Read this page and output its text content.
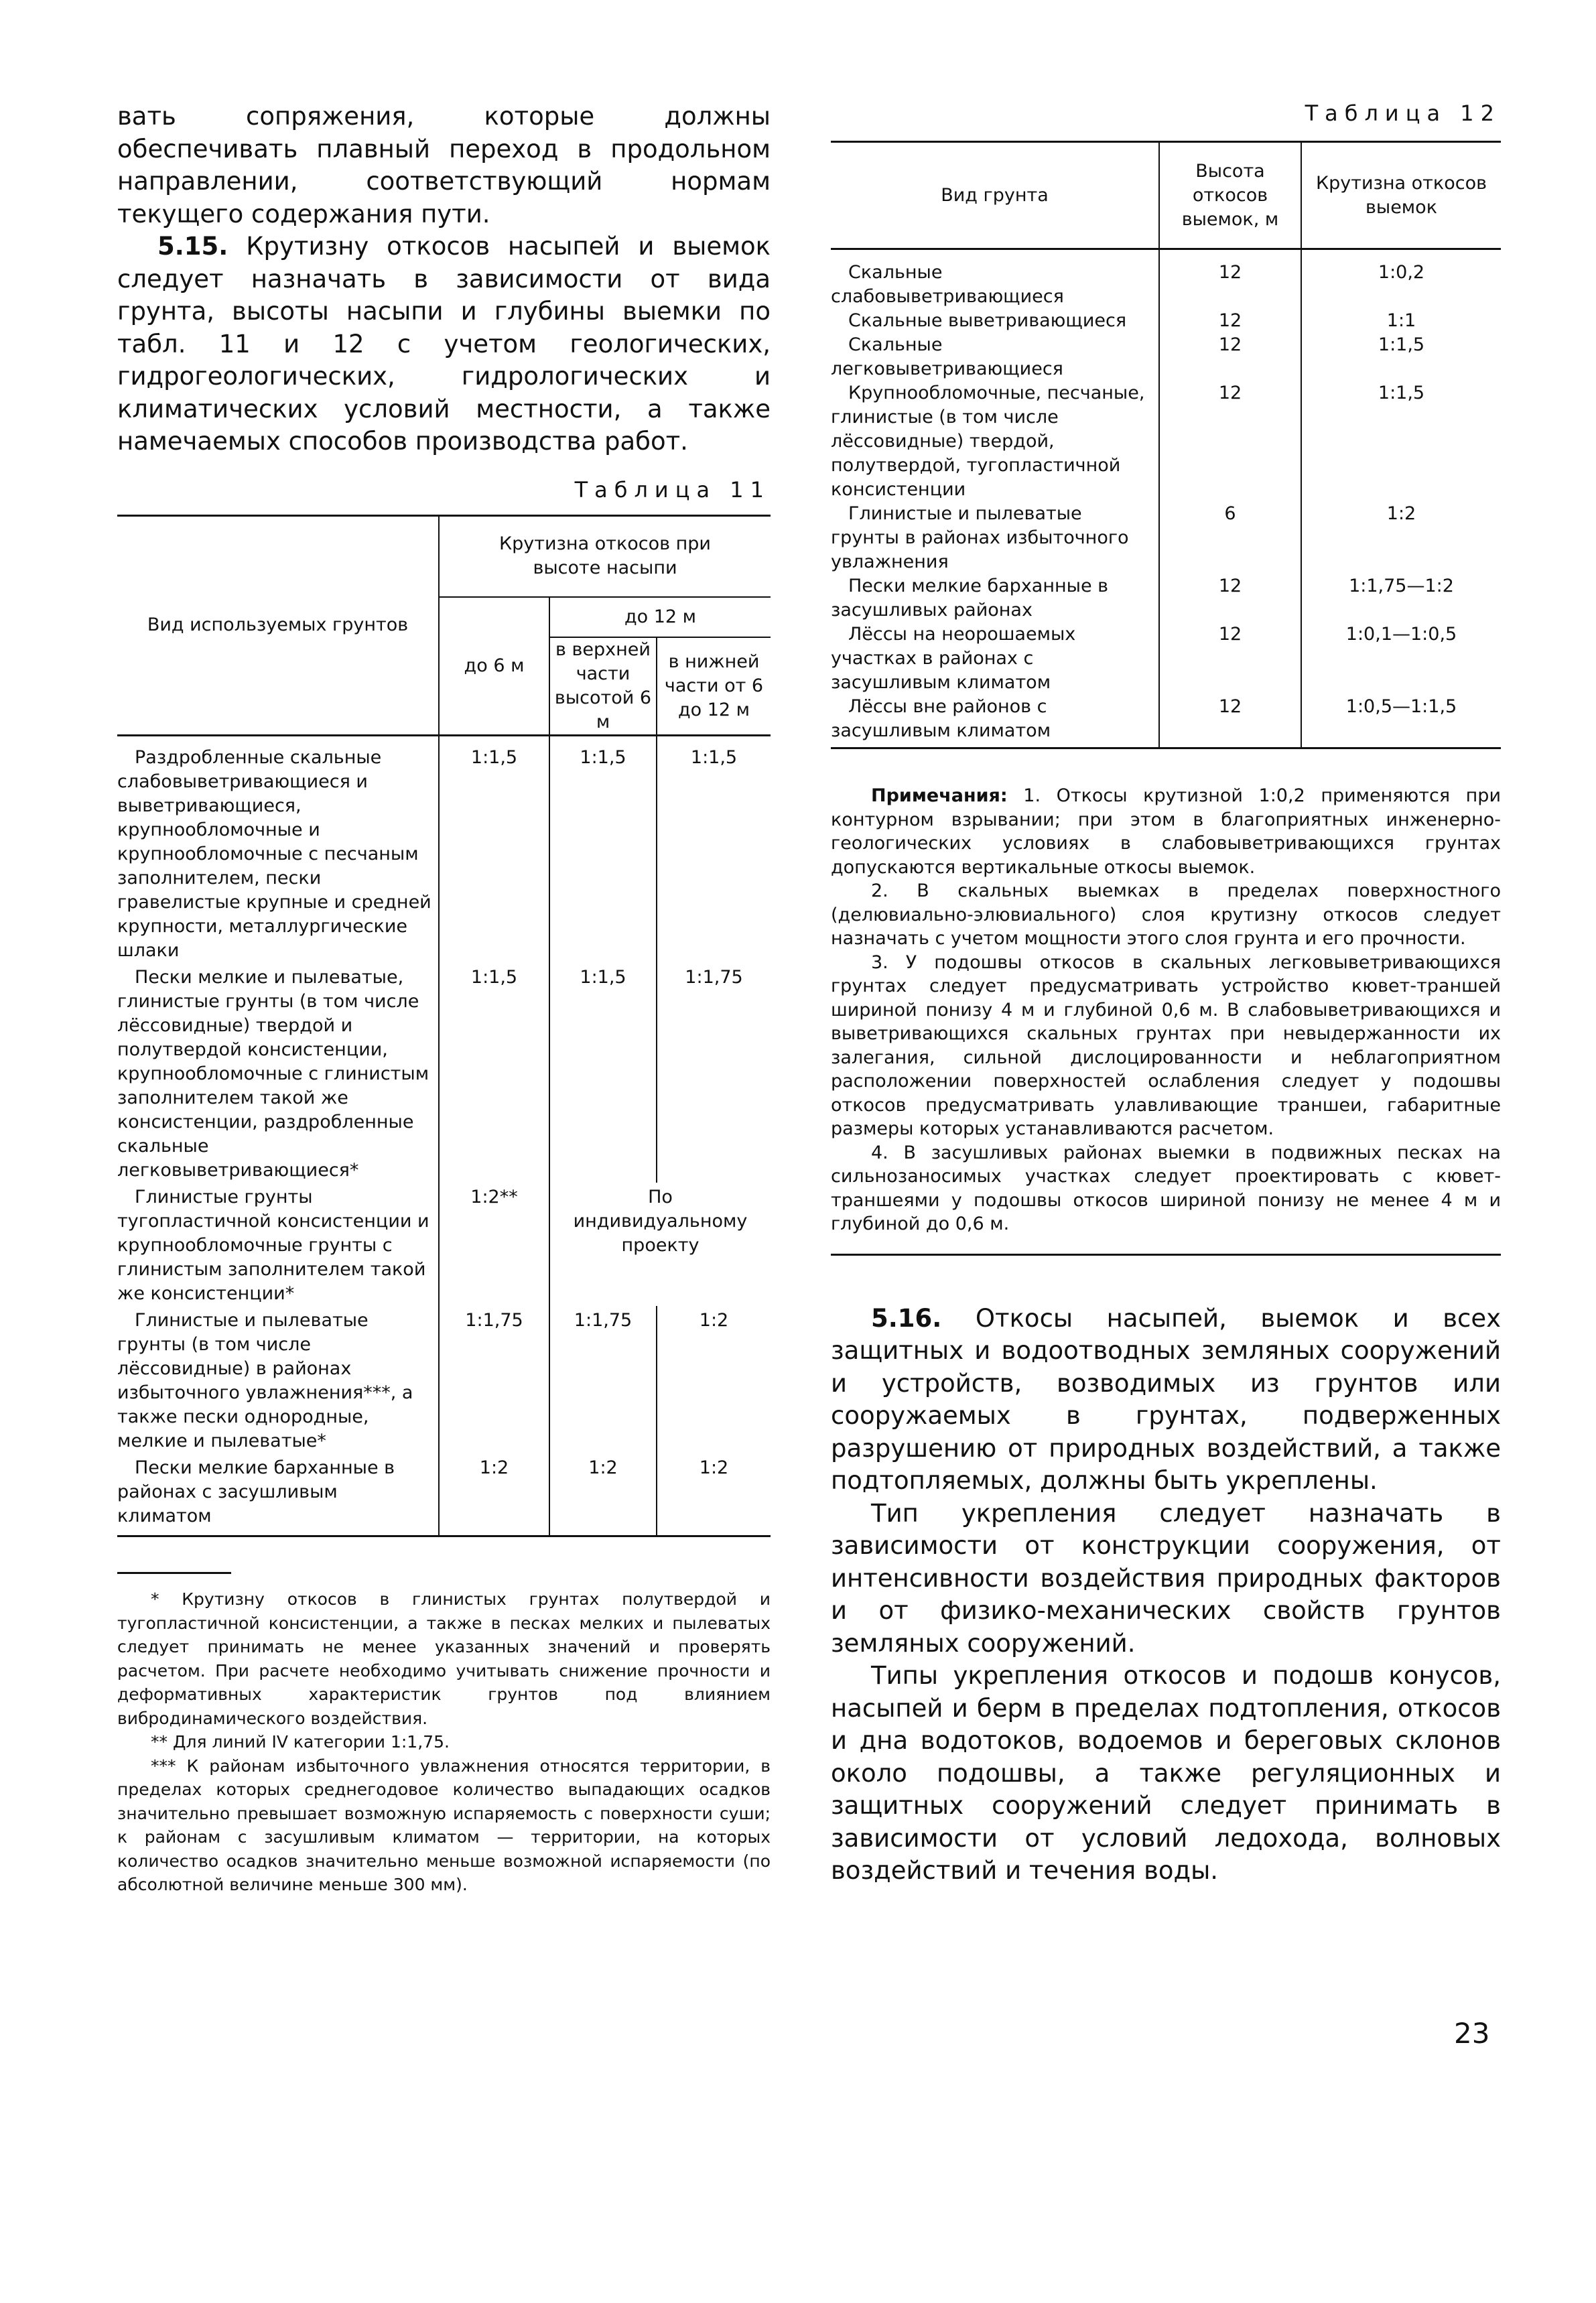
вать сопряжения, которые должны обеспечивать плавный переход в продольном направлении, соответствующий нормам текущего содержания пути.

5.15. Крутизну откосов насыпей и выемок следует назначать в зависимости от вида грунта, высоты насыпи и глубины выемки по табл. 11 и 12 с учетом геологических, гидрогеологических, гидрологических и климатических условий местности, а также намечаемых способов производства работ.

Таблица 11
Вид используемых грунтов	Крутизна откосов при высоте насыпи		
	до 6 м	до 12 м	
		в верхней части высотой 6 м	в нижней части от 6 до 12 м
Раздробленные скальные слабовыветривающиеся и выветривающиеся, крупнообломочные и крупнообломочные с песчаным заполнителем, пески гравелистые крупные и средней крупности, металлургические шлаки	1:1,5	1:1,5	1:1,5
Пески мелкие и пылеватые, глинистые грунты (в том числе лёссовидные) твердой и полутвердой консистенции, крупнообломочные с глинистым заполнителем такой же консистенции, раздробленные скальные легковыветривающиеся*	1:1,5	1:1,5	1:1,75
Глинистые грунты тугопластичной консистенции и крупнообломочные грунты с глинистым заполнителем такой же консистенции*	1:2**	По индивидуальному проекту	
Глинистые и пылеватые грунты (в том числе лёссовидные) в районах избыточного увлажнения***, а также пески однородные, мелкие и пылеватые*	1:1,75	1:1,75	1:2
Пески мелкие барханные в районах с засушливым климатом	1:2	1:2	1:2

* Крутизну откосов в глинистых грунтах полутвердой и тугопластичной консистенции, а также в песках мелких и пылеватых следует принимать не менее указанных значений и проверять расчетом. При расчете необходимо учитывать снижение прочности и деформативных характеристик грунтов под влиянием вибродинамического воздействия.

** Для линий IV категории 1:1,75.

*** К районам избыточного увлажнения относятся территории, в пределах которых среднегодовое количество выпадающих осадков значительно превышает возможную испаряемость с поверхности суши; к районам с засушливым климатом — территории, на которых количество осадков значительно меньше возможной испаряемости (по абсолютной величине меньше 300 мм).

Таблица 12
Вид грунта	Высота откосов выемок, м	Крутизна откосов выемок
Скальные слабовыветривающиеся	12	1:0,2
Скальные выветривающиеся	12	1:1
Скальные легковыветривающиеся	12	1:1,5
Крупнообломочные, песчаные, глинистые (в том числе лёссовидные) твердой, полутвердой, тугопластичной консистенции	12	1:1,5
Глинистые и пылеватые грунты в районах избыточного увлажнения	6	1:2
Пески мелкие барханные в засушливых районах	12	1:1,75—1:2
Лёссы на неорошаемых участках в районах с засушливым климатом	12	1:0,1—1:0,5
Лёссы вне районов с засушливым климатом	12	1:0,5—1:1,5

Примечания: 1. Откосы крутизной 1:0,2 применяются при контурном взрывании; при этом в благоприятных инженерно-геологических условиях в слабовыветривающихся грунтах допускаются вертикальные откосы выемок.

2. В скальных выемках в пределах поверхностного (делювиально-элювиального) слоя крутизну откосов следует назначать с учетом мощности этого слоя грунта и его прочности.

3. У подошвы откосов в скальных легковыветривающихся грунтах следует предусматривать устройство кювет-траншей шириной понизу 4 м и глубиной 0,6 м. В слабовыветривающихся и выветривающихся скальных грунтах при невыдержанности их залегания, сильной дислоцированности и неблагоприятном расположении поверхностей ослабления следует у подошвы откосов предусматривать улавливающие траншеи, габаритные размеры которых устанавливаются расчетом.

4. В засушливых районах выемки в подвижных песках на сильнозаносимых участках следует проектировать с кювет-траншеями у подошвы откосов шириной понизу не менее 4 м и глубиной до 0,6 м.

5.16. Откосы насыпей, выемок и всех защитных и водоотводных земляных сооружений и устройств, возводимых из грунтов или сооружаемых в грунтах, подверженных разрушению от природных воздействий, а также подтопляемых, должны быть укреплены.

Тип укрепления следует назначать в зависимости от конструкции сооружения, от интенсивности воздействия природных факторов и от физико-механических свойств грунтов земляных сооружений.

Типы укрепления откосов и подошв конусов, насыпей и берм в пределах подтопления, откосов и дна водотоков, водоемов и береговых склонов около подошвы, а также регуляционных и защитных сооружений следует принимать в зависимости от условий ледохода, волновых воздействий и течения воды.

23
